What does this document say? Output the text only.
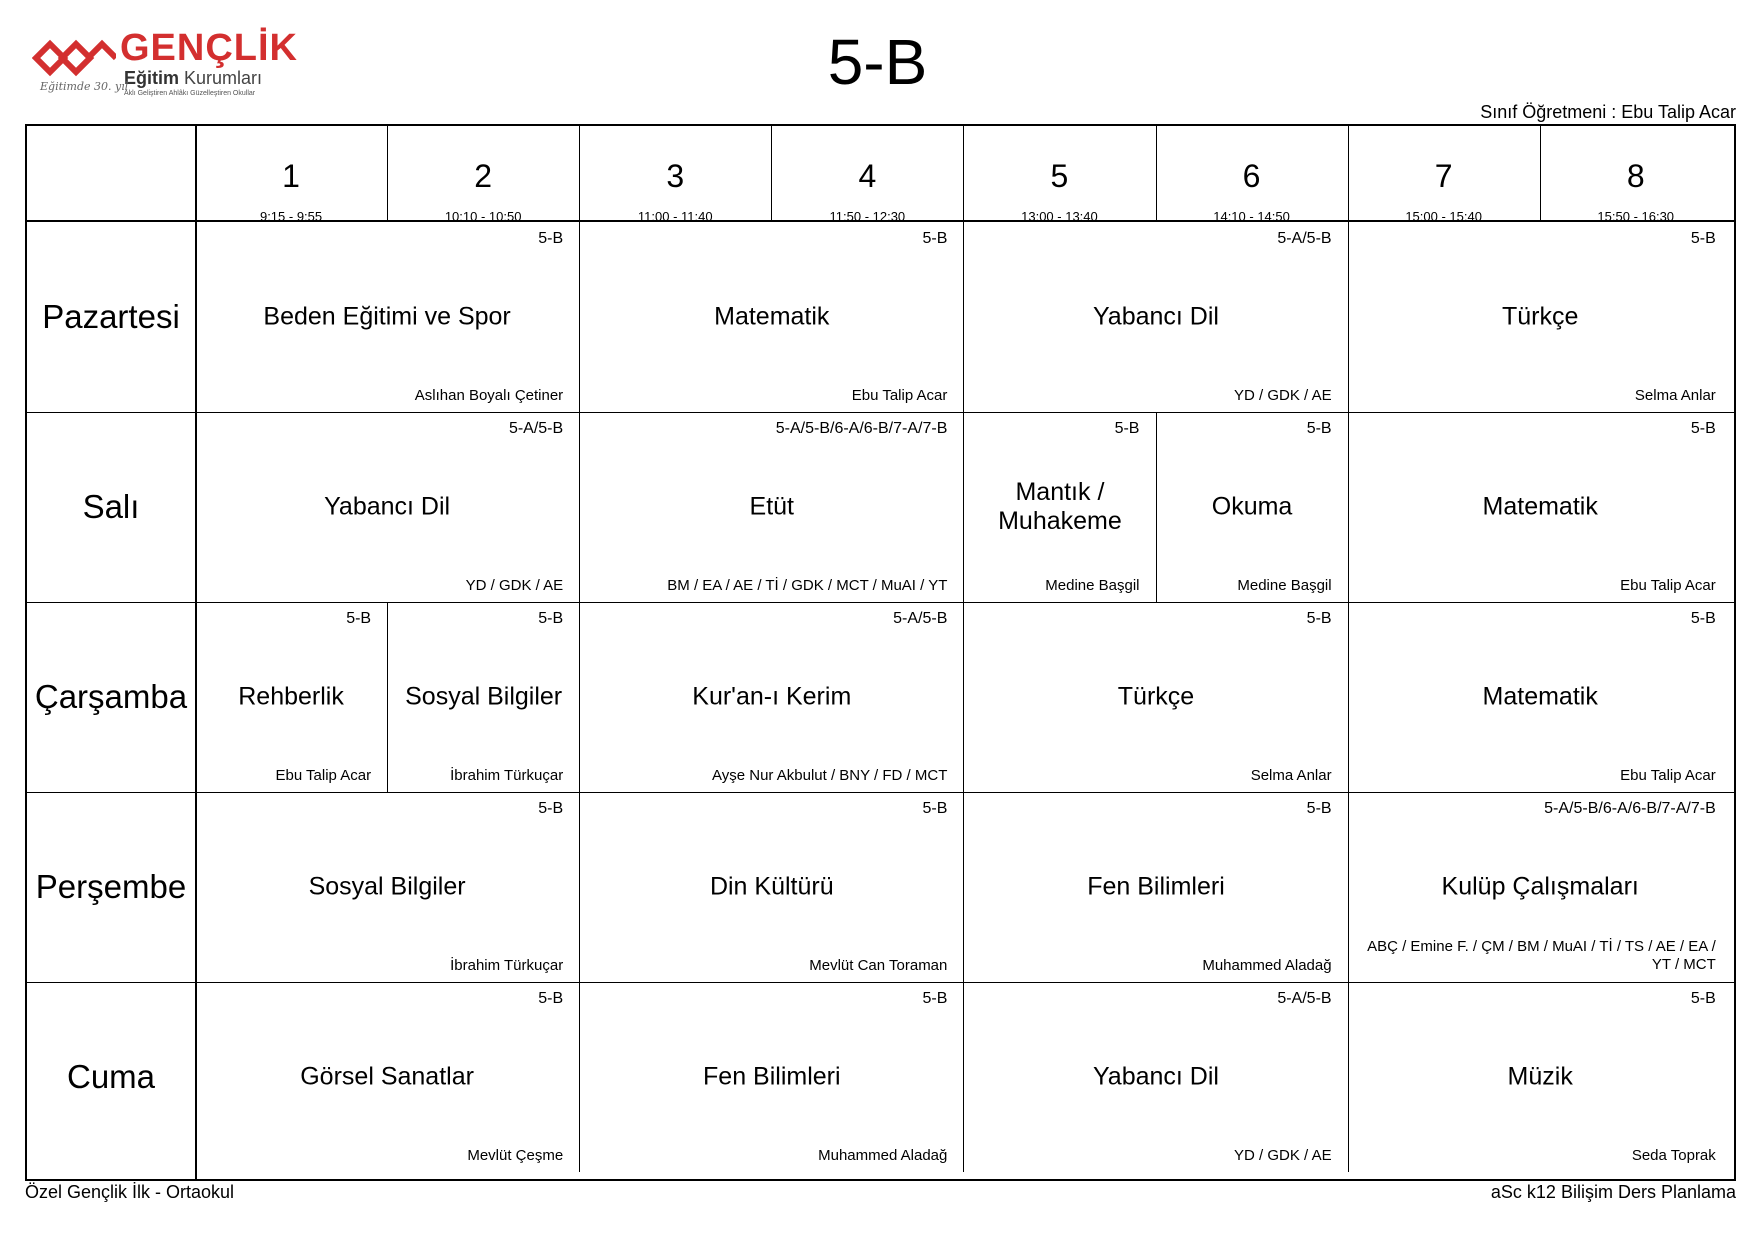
GENÇLİK
Eğitim Kurumları
Aklı Geliştiren Ahlâkı Güzelleştiren Okullar
Eğitimde 30. yıl	5-B
Sınıf Öğretmeni : Ebu Talip Acar
1
9:15 - 9:55
2
10:10 - 10:50
3
11:00 - 11:40
4
11:50 - 12:30
5
13:00 - 13:40
6
14:10 - 14:50
7
15:00 - 15:40
8
15:50 - 16:30
Pazartesi
5-B
Beden Eğitimi ve Spor
Aslıhan Boyalı Çetiner
5-B
Matematik
Ebu Talip Acar
5-A/5-B
Yabancı Dil
YD / GDK / AE
5-B
Türkçe
Selma Anlar
Salı
5-A/5-B
Yabancı Dil
YD / GDK / AE
5-A/5-B/6-A/6-B/7-A/7-B
Etüt
BM / EA / AE / Tİ / GDK / MCT / MuAI / YT
5-B
Mantık / Muhakeme
Medine Başgil
5-B
Okuma
Medine Başgil
5-B
Matematik
Ebu Talip Acar
Çarşamba
5-B
Rehberlik
Ebu Talip Acar
5-B
Sosyal Bilgiler
İbrahim Türkuçar
5-A/5-B
Kur'an-ı Kerim
Ayşe Nur Akbulut / BNY / FD / MCT
5-B
Türkçe
Selma Anlar
5-B
Matematik
Ebu Talip Acar
Perşembe
5-B
Sosyal Bilgiler
İbrahim Türkuçar
5-B
Din Kültürü
Mevlüt Can Toraman
5-B
Fen Bilimleri
Muhammed Aladağ
5-A/5-B/6-A/6-B/7-A/7-B
Kulüp Çalışmaları
ABÇ / Emine F. / ÇM / BM / MuAI / Tİ / TS / AE / EA / YT / MCT
Cuma
5-B
Görsel Sanatlar
Mevlüt Çeşme
5-B
Fen Bilimleri
Muhammed Aladağ
5-A/5-B
Yabancı Dil
YD / GDK / AE
5-B
Müzik
Seda Toprak
Özel Gençlik İlk - Ortaokul	aSc k12 Bilişim Ders Planlama
